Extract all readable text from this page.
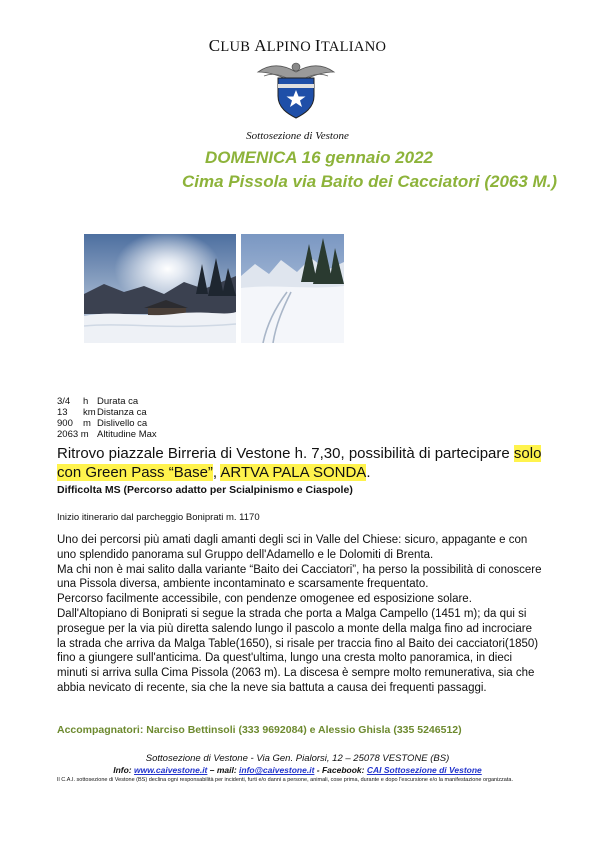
CLUB ALPINO ITALIANO
Sottosezione di Vestone
DOMENICA 16 gennaio 2022
Cima Pissola via Baito dei Cacciatori (2063 M.)
3/4 h Durata ca
13 kmDistanza ca
900 m Dislivello ca
2063 m Altitudine Max
Ritrovo piazzale Birreria di Vestone h. 7,30, possibilità di partecipare solo con Green Pass “Base”, ARTVA PALA SONDA.
Difficolta MS (Percorso adatto per Scialpinismo e Ciaspole)
Inizio itinerario dal parcheggio Boniprati m. 1170
Uno dei percorsi più amati dagli amanti degli sci in Valle del Chiese: sicuro, appagante e con uno splendido panorama sul Gruppo dell'Adamello e le Dolomiti di Brenta.
Ma chi non è mai salito dalla variante “Baito dei Cacciatori”, ha perso la possibilità di conoscere una Pissola diversa, ambiente incontaminato e scarsamente frequentato.
Percorso facilmente accessibile, con pendenze omogenee ed esposizione solare.
Dall'Altopiano di Boniprati si segue la strada che porta a Malga Campello (1451 m); da qui si prosegue per la via più diretta salendo lungo il pascolo a monte della malga fino ad incrociare la strada che arriva da Malga Table(1650), si risale per traccia fino al Baito dei cacciatori(1850) fino a giungere sull'anticima. Da quest'ultima, lungo una cresta molto panoramica, in dieci minuti si arriva sulla Cima Pissola (2063 m). La discesa è sempre molto remunerativa, sia che abbia nevicato di recente, sia che la neve sia battuta a causa dei frequenti passaggi.
Accompagnatori: Narciso Bettinsoli (333 9692084) e Alessio Ghisla (335 5246512)
Sottosezione di Vestone - Via Gen. Pialorsi, 12 – 25078 VESTONE (BS)
Info: www.caivestone.it – mail: info@caivestone.it - Facebook: CAI Sottosezione di Vestone
Il C.A.I. sottosezione di Vestone (BS) declina ogni responsabilità per incidenti, furti e/o danni a persone, animali, cose prima, durante e dopo l'escursione e/o la manifestazione organizzata.
